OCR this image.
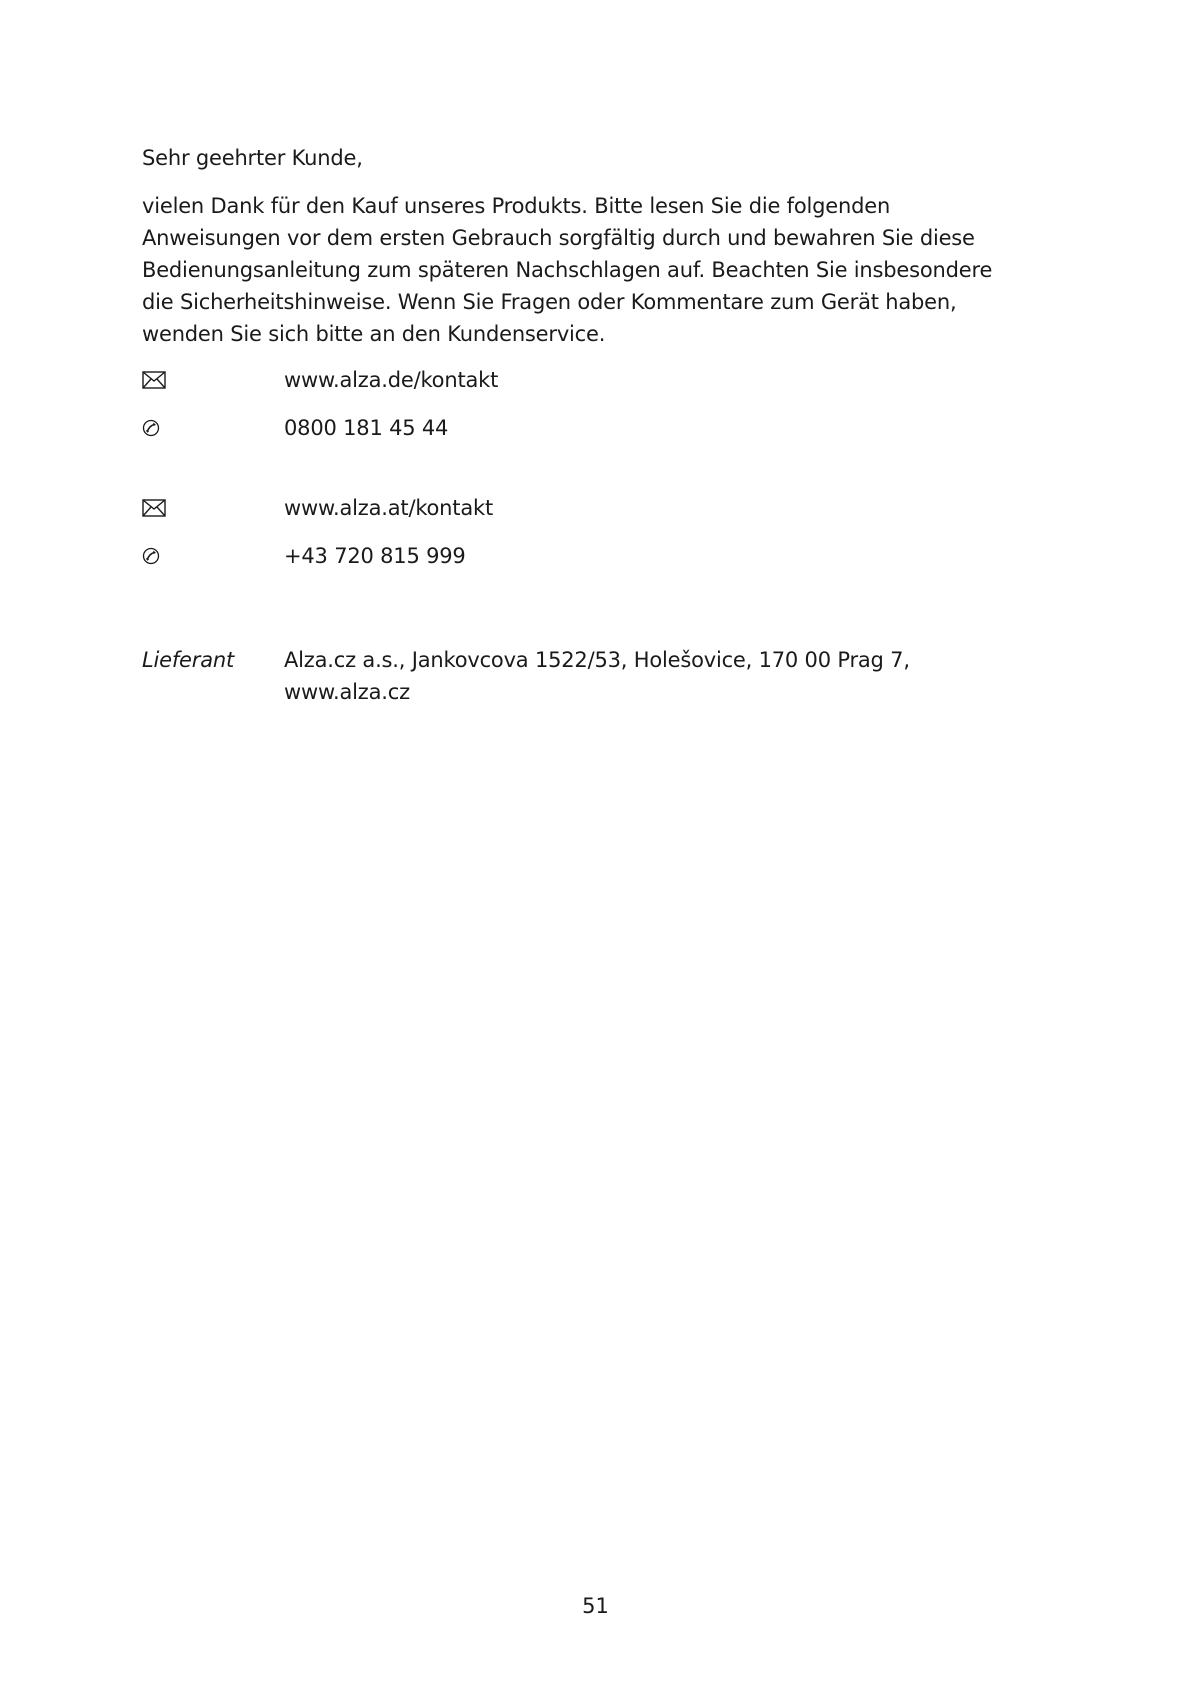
Sehr geehrter Kunde,

vielen Dank für den Kauf unseres Produkts. Bitte lesen Sie die folgenden Anweisungen vor dem ersten Gebrauch sorgfältig durch und bewahren Sie diese Bedienungsanleitung zum späteren Nachschlagen auf. Beachten Sie insbesondere die Sicherheitshinweise. Wenn Sie Fragen oder Kommentare zum Gerät haben, wenden Sie sich bitte an den Kundenservice.

www.alza.de/kontakt
0800 181 45 44
www.alza.at/kontakt
+43 720 815 999
Lieferant	Alza.cz a.s., Jankovcova 1522/53, Holešovice, 170 00 Prag 7, www.alza.cz
51
